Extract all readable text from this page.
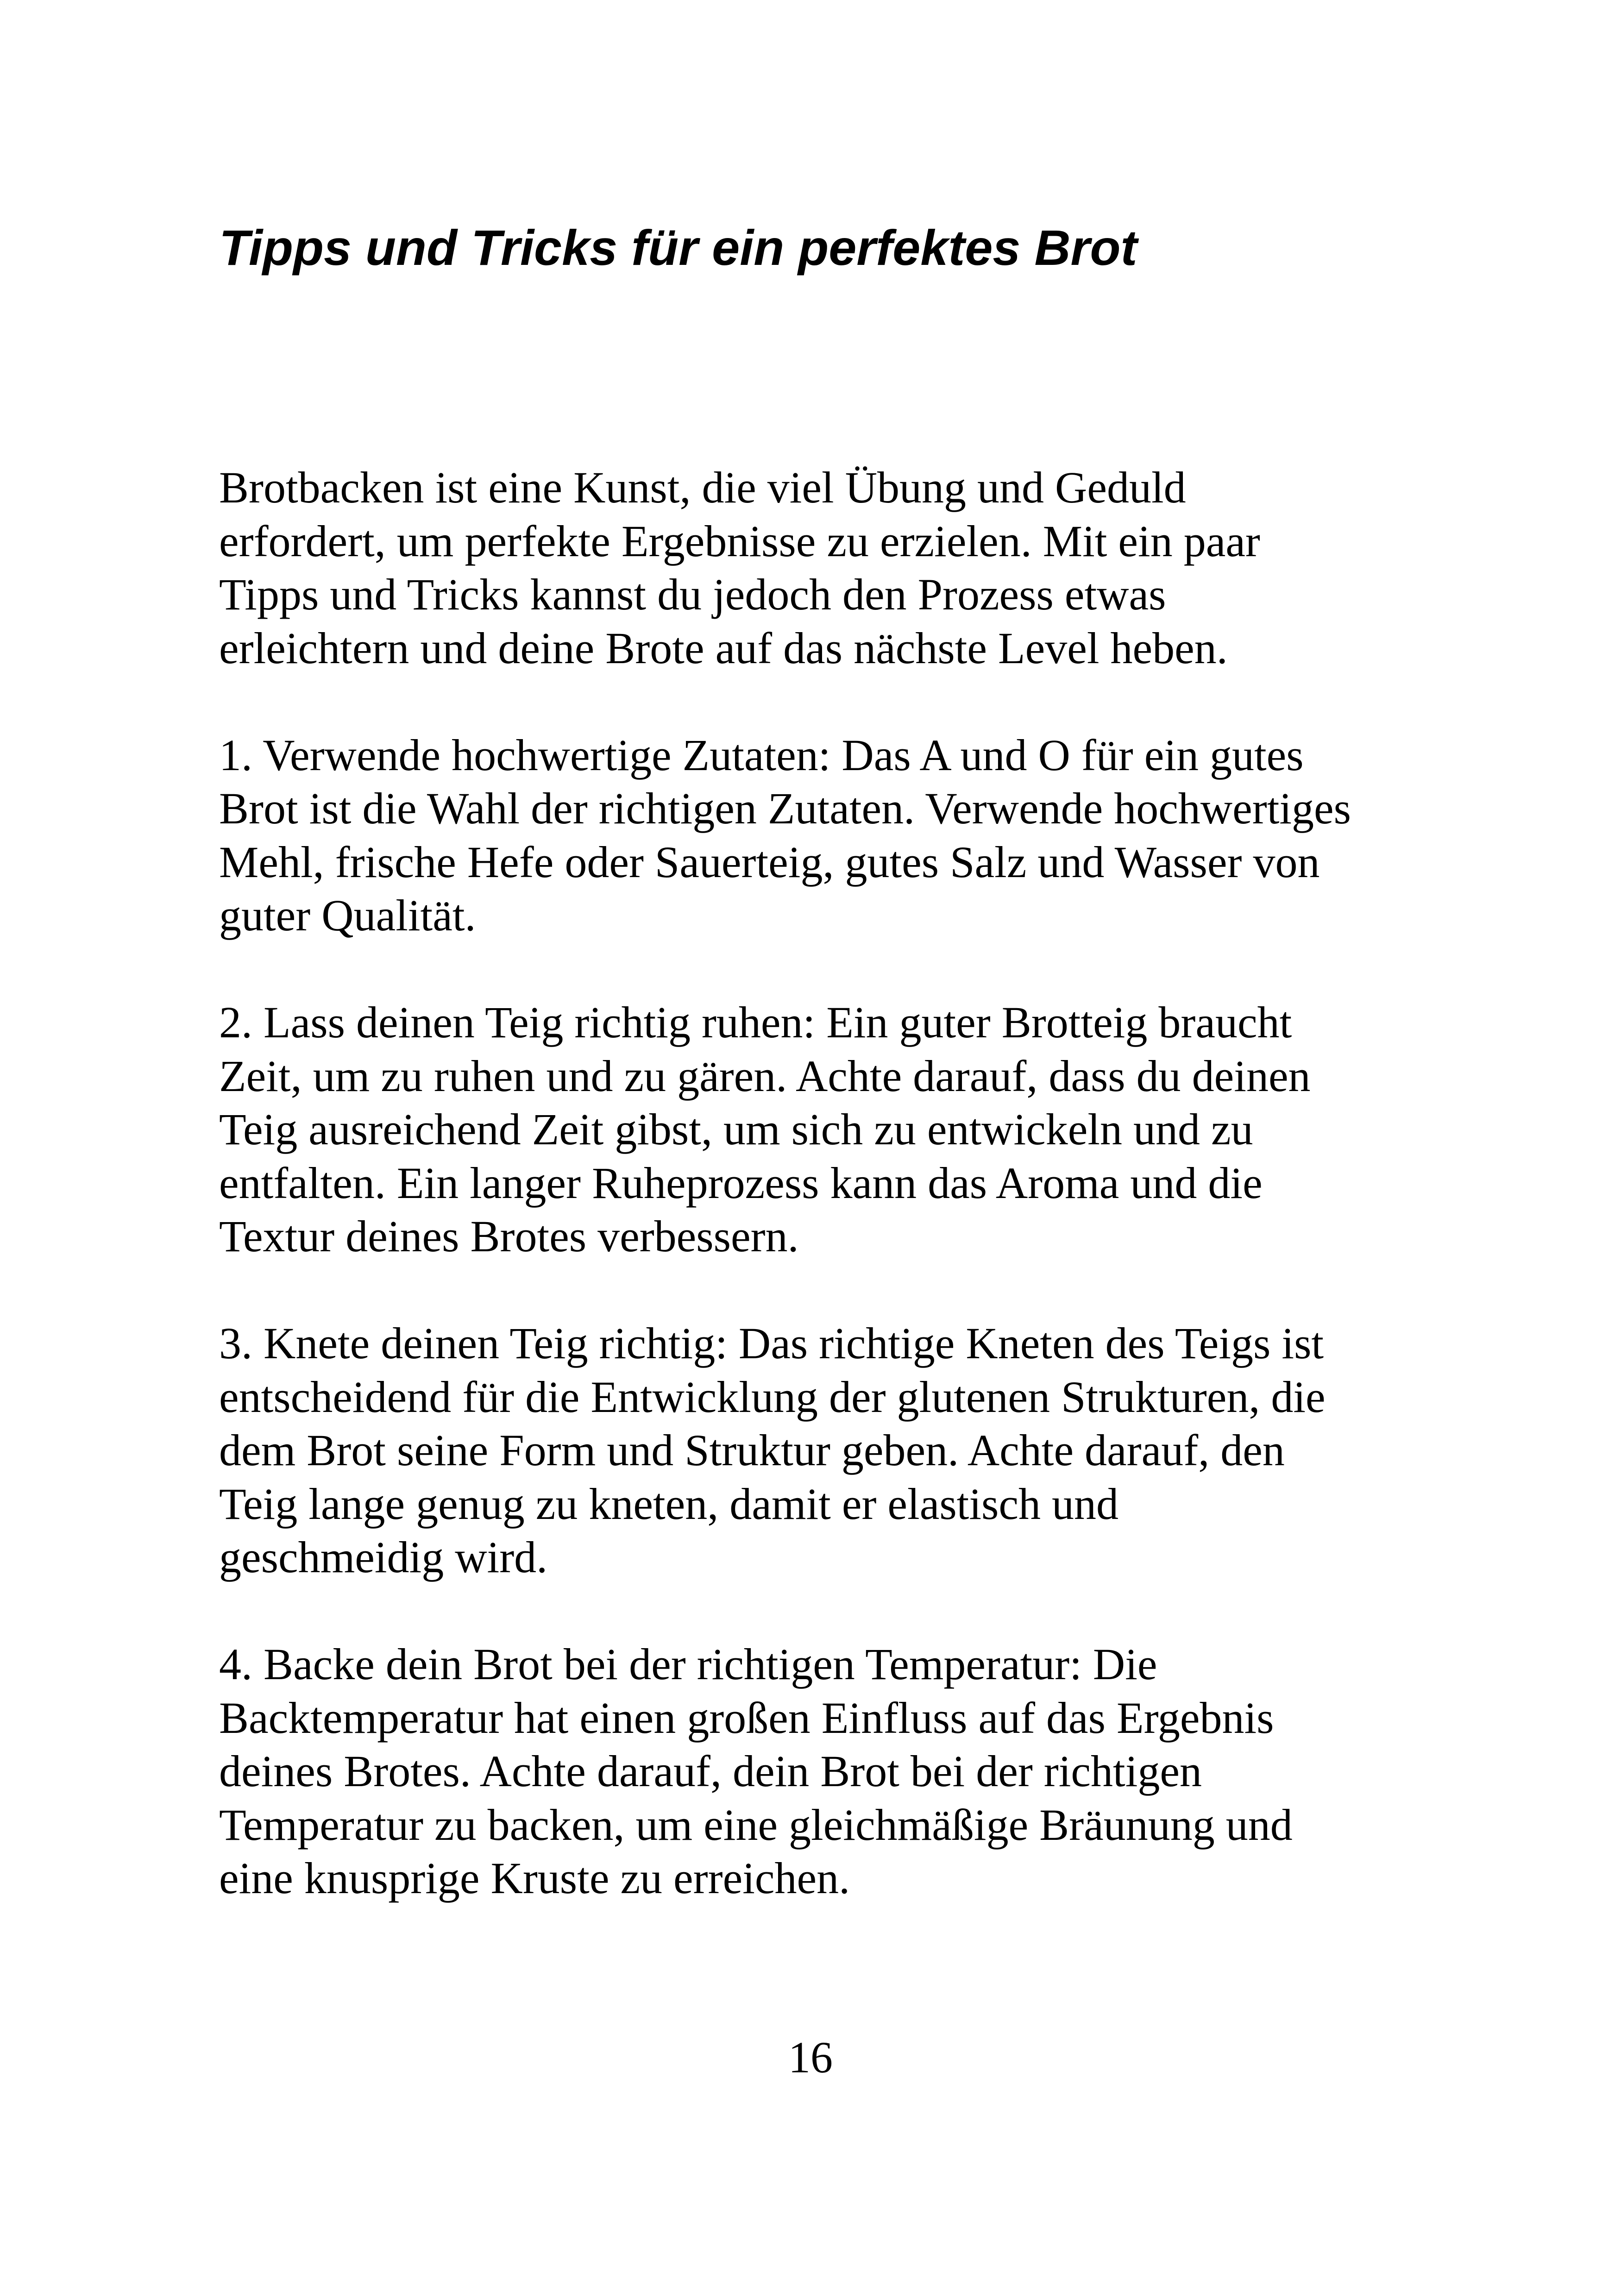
Tipps und Tricks für ein perfektes Brot

Brotbacken ist eine Kunst, die viel Übung und Geduld
erfordert, um perfekte Ergebnisse zu erzielen. Mit ein paar
Tipps und Tricks kannst du jedoch den Prozess etwas
erleichtern und deine Brote auf das nächste Level heben.

1. Verwende hochwertige Zutaten: Das A und O für ein gutes
Brot ist die Wahl der richtigen Zutaten. Verwende hochwertiges
Mehl, frische Hefe oder Sauerteig, gutes Salz und Wasser von
guter Qualität.

2. Lass deinen Teig richtig ruhen: Ein guter Brotteig braucht
Zeit, um zu ruhen und zu gären. Achte darauf, dass du deinen
Teig ausreichend Zeit gibst, um sich zu entwickeln und zu
entfalten. Ein langer Ruheprozess kann das Aroma und die
Textur deines Brotes verbessern.

3. Knete deinen Teig richtig: Das richtige Kneten des Teigs ist
entscheidend für die Entwicklung der glutenen Strukturen, die
dem Brot seine Form und Struktur geben. Achte darauf, den
Teig lange genug zu kneten, damit er elastisch und
geschmeidig wird.

4. Backe dein Brot bei der richtigen Temperatur: Die
Backtemperatur hat einen großen Einfluss auf das Ergebnis
deines Brotes. Achte darauf, dein Brot bei der richtigen
Temperatur zu backen, um eine gleichmäßige Bräunung und
eine knusprige Kruste zu erreichen.

16
